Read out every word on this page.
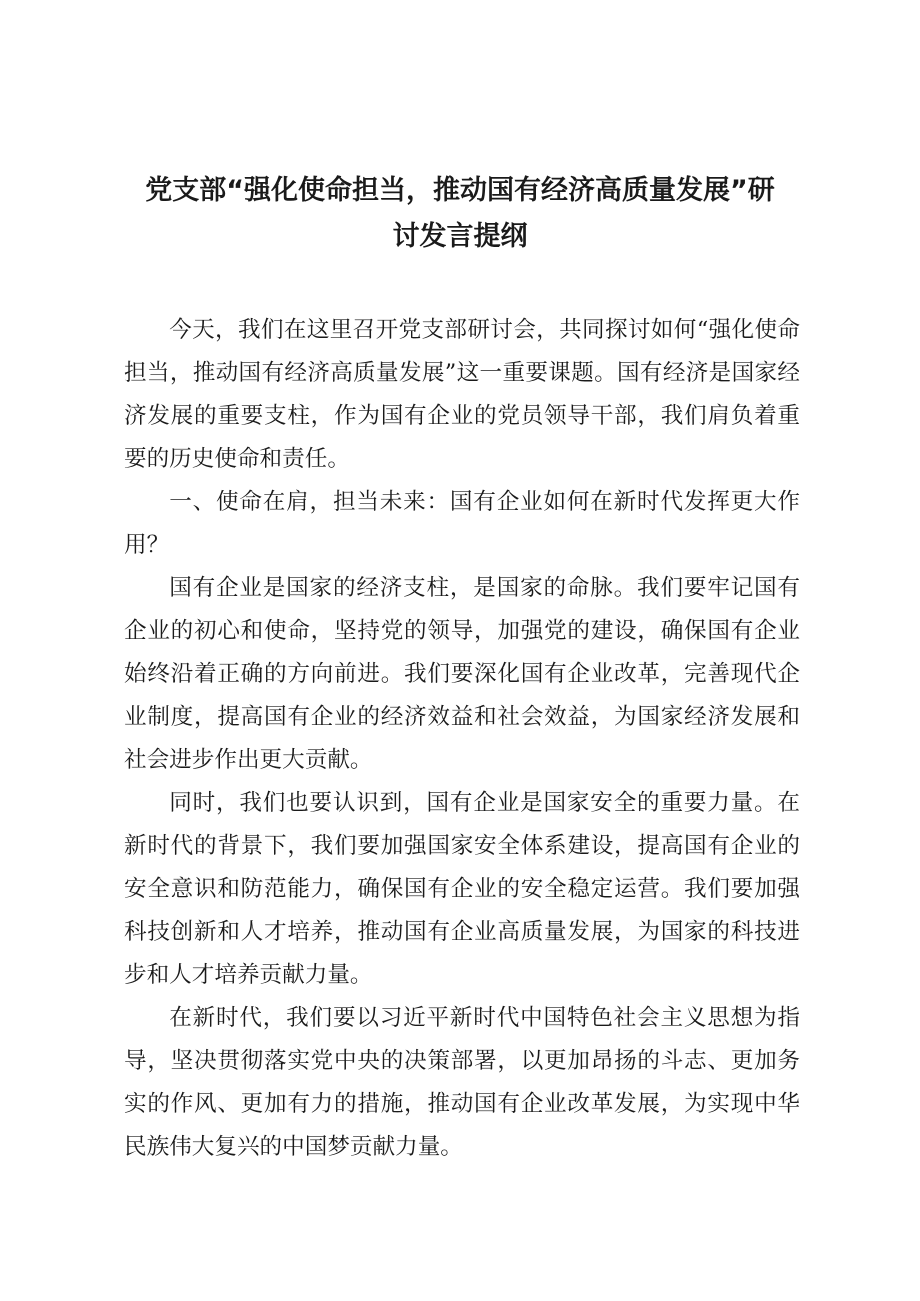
党支部“强化使命担当，推动国有经济高质量发展”研
讨发言提纲

今天，我们在这里召开党支部研讨会，共同探讨如何“强化使命担当，推动国有经济高质量发展”这一重要课题。国有经济是国家经济发展的重要支柱，作为国有企业的党员领导干部，我们肩负着重要的历史使命和责任。

一、使命在肩，担当未来：国有企业如何在新时代发挥更大作用？

国有企业是国家的经济支柱，是国家的命脉。我们要牢记国有企业的初心和使命，坚持党的领导，加强党的建设，确保国有企业始终沿着正确的方向前进。我们要深化国有企业改革，完善现代企业制度，提高国有企业的经济效益和社会效益，为国家经济发展和社会进步作出更大贡献。

同时，我们也要认识到，国有企业是国家安全的重要力量。在新时代的背景下，我们要加强国家安全体系建设，提高国有企业的安全意识和防范能力，确保国有企业的安全稳定运营。我们要加强科技创新和人才培养，推动国有企业高质量发展，为国家的科技进步和人才培养贡献力量。

在新时代，我们要以习近平新时代中国特色社会主义思想为指导，坚决贯彻落实党中央的决策部署，以更加昂扬的斗志、更加务实的作风、更加有力的措施，推动国有企业改革发展，为实现中华民族伟大复兴的中国梦贡献力量。
